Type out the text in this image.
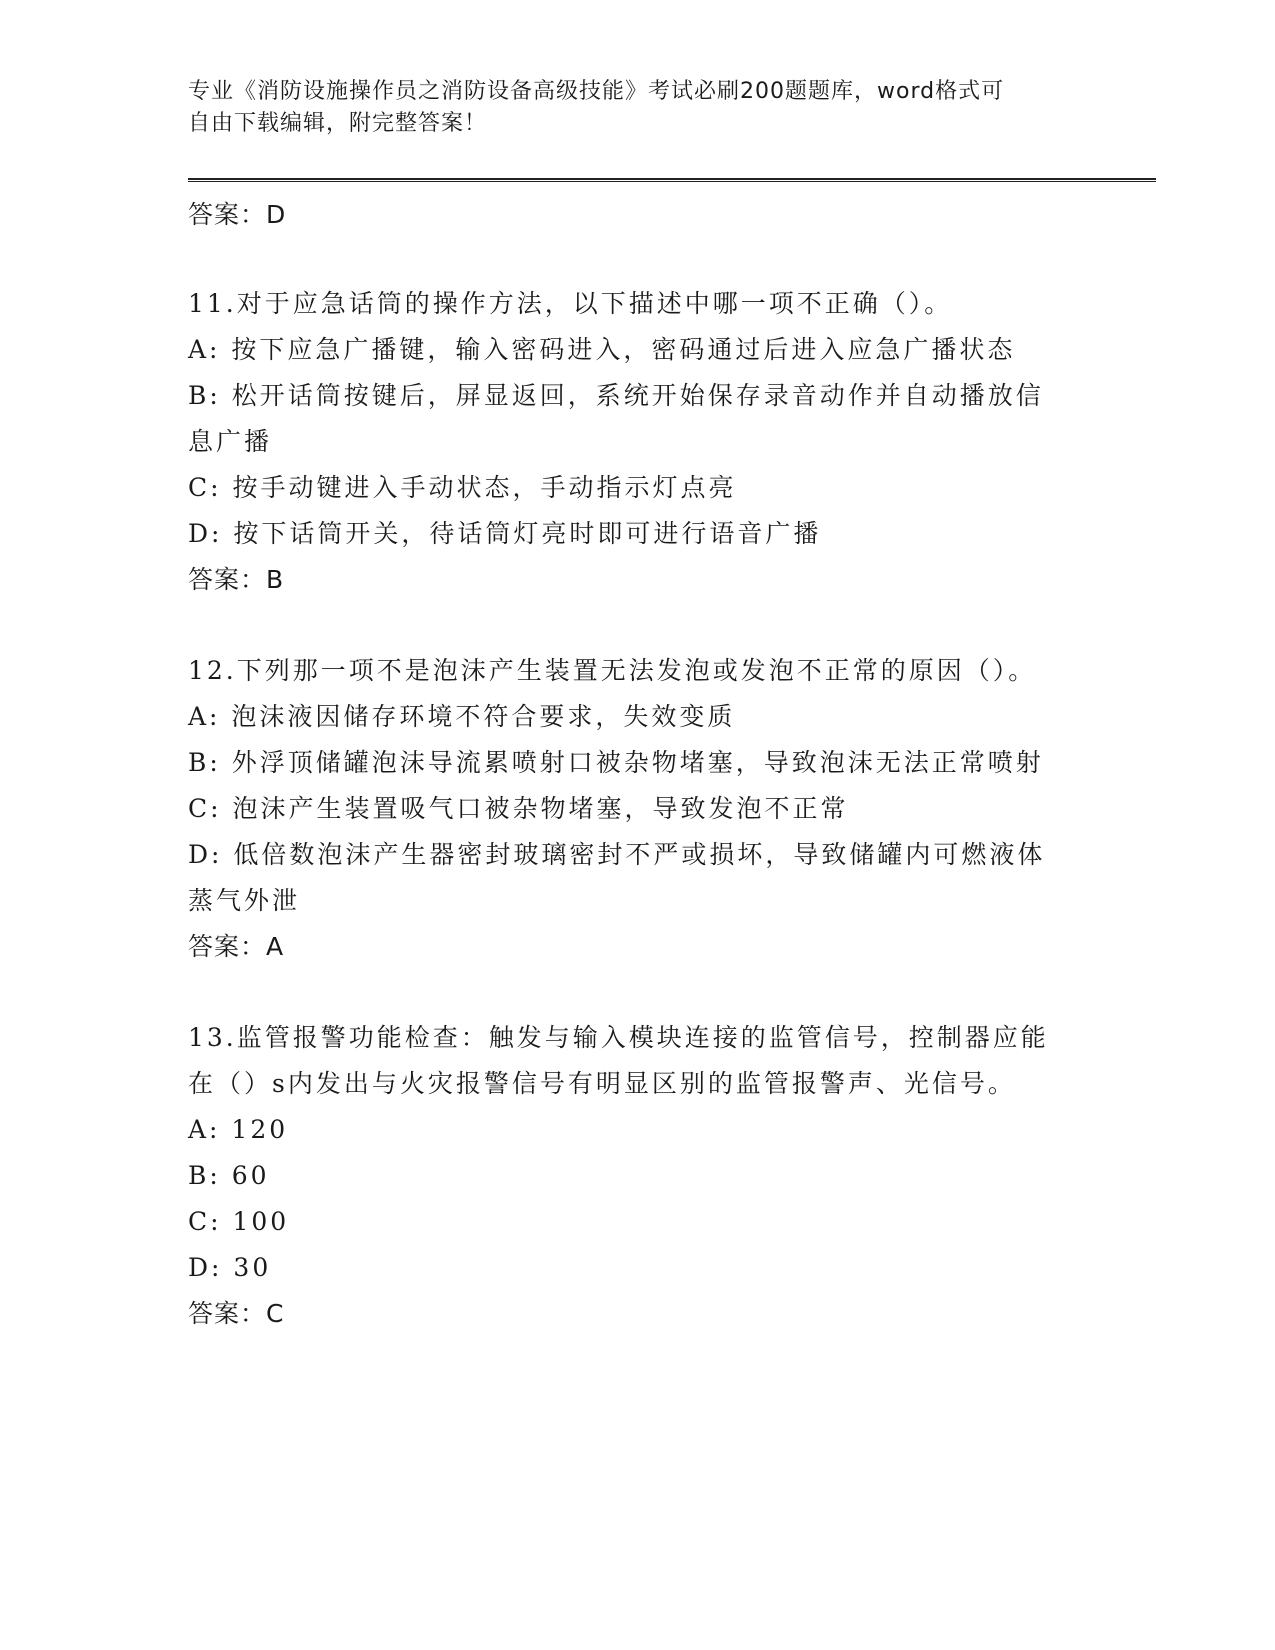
专业《消防设施操作员之消防设备高级技能》考试必刷200题题库，word格式可
自由下载编辑，附完整答案！
答案：D
11.对于应急话筒的操作方法，以下描述中哪一项不正确（）。
A: 按下应急广播键，输入密码进入，密码通过后进入应急广播状态
B: 松开话筒按键后，屏显返回，系统开始保存录音动作并自动播放信
息广播
C: 按手动键进入手动状态，手动指示灯点亮
D: 按下话筒开关，待话筒灯亮时即可进行语音广播
答案：B
12.下列那一项不是泡沫产生装置无法发泡或发泡不正常的原因（）。
A: 泡沫液因储存环境不符合要求，失效变质
B: 外浮顶储罐泡沫导流累喷射口被杂物堵塞，导致泡沫无法正常喷射
C: 泡沫产生装置吸气口被杂物堵塞，导致发泡不正常
D: 低倍数泡沫产生器密封玻璃密封不严或损坏，导致储罐内可燃液体
蒸气外泄
答案：A
13.监管报警功能检查：触发与输入模块连接的监管信号，控制器应能
在（）s内发出与火灾报警信号有明显区别的监管报警声、光信号。
A: 120
B: 60
C: 100
D: 30
答案：C
